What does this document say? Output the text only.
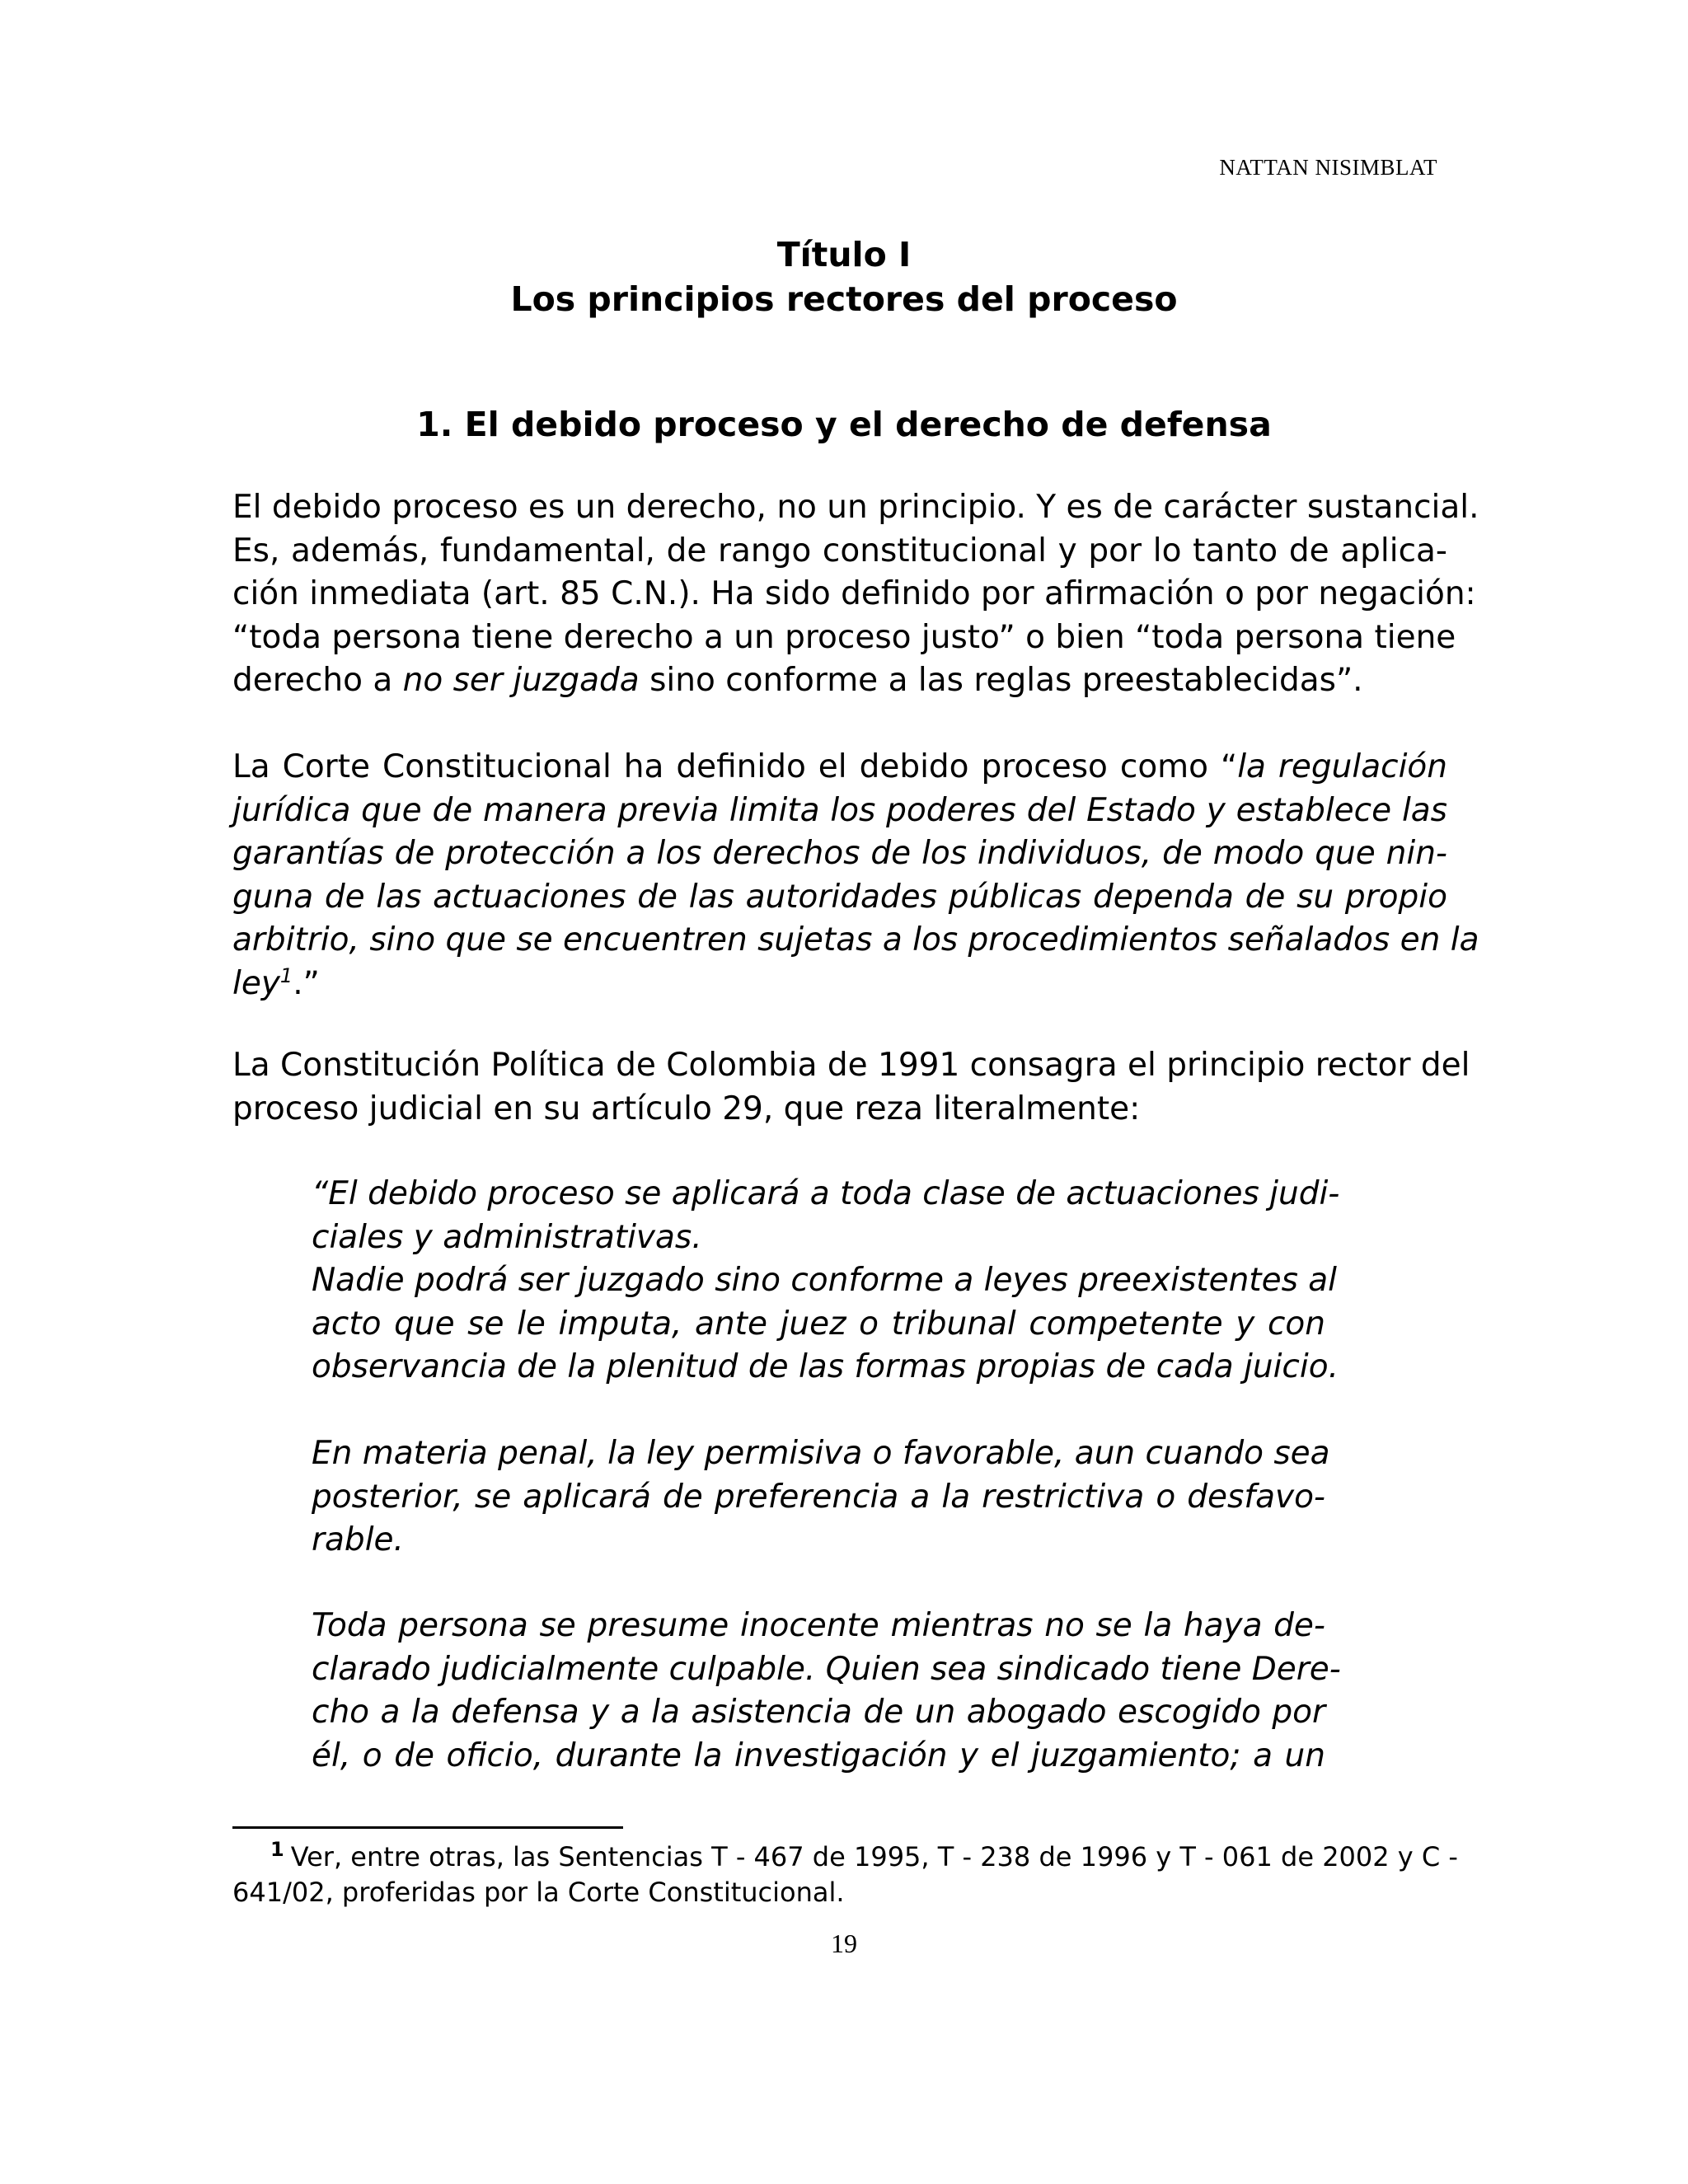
NATTAN NISIMBLAT
Título I
Los principios rectores del proceso
1. El debido proceso y el derecho de defensa
El debido proceso es un derecho, no un principio. Y es de carácter sustancial.
Es, además, fundamental, de rango constitucional y por lo tanto de aplica-
ción inmediata (art. 85 C.N.). Ha sido definido por afirmación o por negación:
“toda persona tiene derecho a un proceso justo” o bien “toda persona tiene
derecho a no ser juzgada sino conforme a las reglas preestablecidas”.
La Corte Constitucional ha definido el debido proceso como “la regulación
jurídica que de manera previa limita los poderes del Estado y establece las
garantías de protección a los derechos de los individuos, de modo que nin-
guna de las actuaciones de las autoridades públicas dependa de su propio
arbitrio, sino que se encuentren sujetas a los procedimientos señalados en la
ley$^1$.”
La Constitución Política de Colombia de 1991 consagra el principio rector del
proceso judicial en su artículo 29, que reza literalmente:
“El debido proceso se aplicará a toda clase de actuaciones judi-
ciales y administrativas.
Nadie podrá ser juzgado sino conforme a leyes preexistentes al
acto que se le imputa, ante juez o tribunal competente y con
observancia de la plenitud de las formas propias de cada juicio.
En materia penal, la ley permisiva o favorable, aun cuando sea
posterior, se aplicará de preferencia a la restrictiva o desfavo-
rable.
Toda persona se presume inocente mientras no se la haya de-
clarado judicialmente culpable. Quien sea sindicado tiene Dere-
cho a la defensa y a la asistencia de un abogado escogido por
él, o de oficio, durante la investigación y el juzgamiento; a un
$^1$ Ver, entre otras, las Sentencias T - 467 de 1995, T - 238 de 1996 y T - 061 de 2002 y C -
641/02, proferidas por la Corte Constitucional.
19
